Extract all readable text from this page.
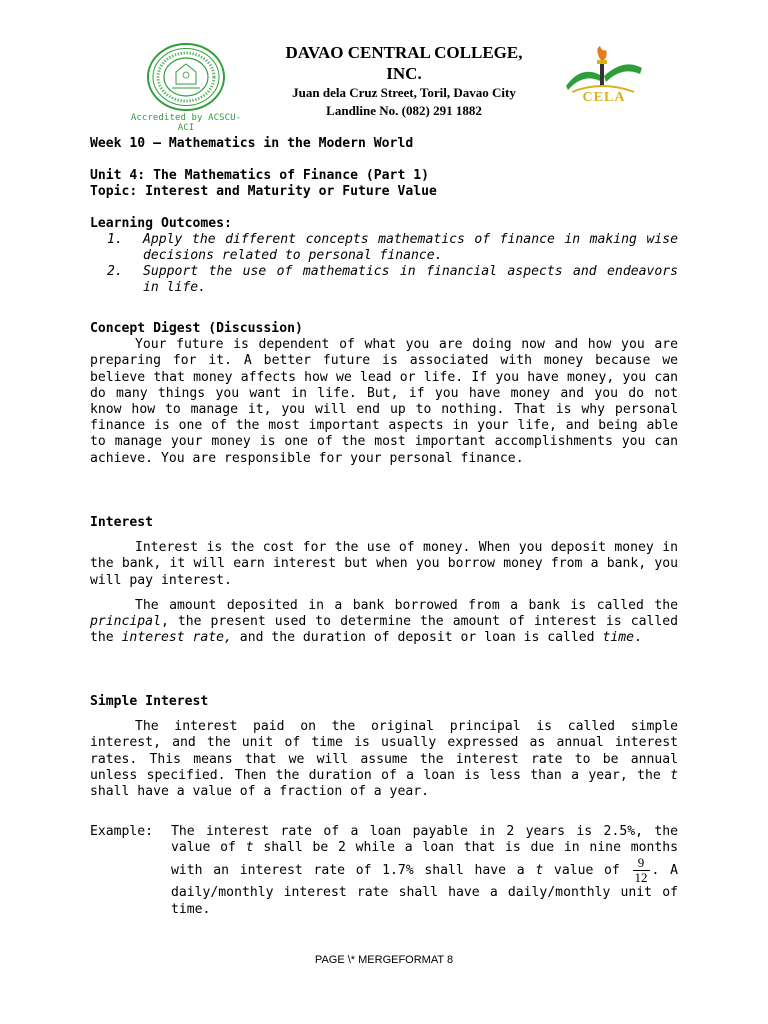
Accredited by ACSCU-ACI
DAVAO CENTRAL COLLEGE,
INC.
Juan dela Cruz Street, Toril, Davao City
Landline No. (082) 291 1882
CELA
Week 10 – Mathematics in the Modern World
Unit 4: The Mathematics of Finance (Part 1)
Topic: Interest and Maturity or Future Value
Learning Outcomes:
1. Apply the different concepts mathematics of finance in making wise decisions related to personal finance.
2. Support the use of mathematics in financial aspects and endeavors in life.
Concept Digest (Discussion)

Your future is dependent of what you are doing now and how you are preparing for it. A better future is associated with money because we believe that money affects how we lead or life. If you have money, you can do many things you want in life. But, if you have money and you do not know how to manage it, you will end up to nothing. That is why personal finance is one of the most important aspects in your life, and being able to manage your money is one of the most important accomplishments you can achieve. You are responsible for your personal finance.

Interest

Interest is the cost for the use of money. When you deposit money in the bank, it will earn interest but when you borrow money from a bank, you will pay interest.

The amount deposited in a bank borrowed from a bank is called the principal, the present used to determine the amount of interest is called the interest rate, and the duration of deposit or loan is called time.

Simple Interest

The interest paid on the original principal is called simple interest, and the unit of time is usually expressed as annual interest rates. This means that we will assume the interest rate to be annual unless specified. Then the duration of a loan is less than a year, the t shall have a value of a fraction of a year.

Example: The interest rate of a loan payable in 2 years is 2.5%, the value of t shall be 2 while a loan that is due in nine months with an interest rate of 1.7% shall have a t value of $\frac{9}{12}$ . A daily/monthly interest rate shall have a daily/monthly unit of time.
PAGE \* MERGEFORMAT 8
